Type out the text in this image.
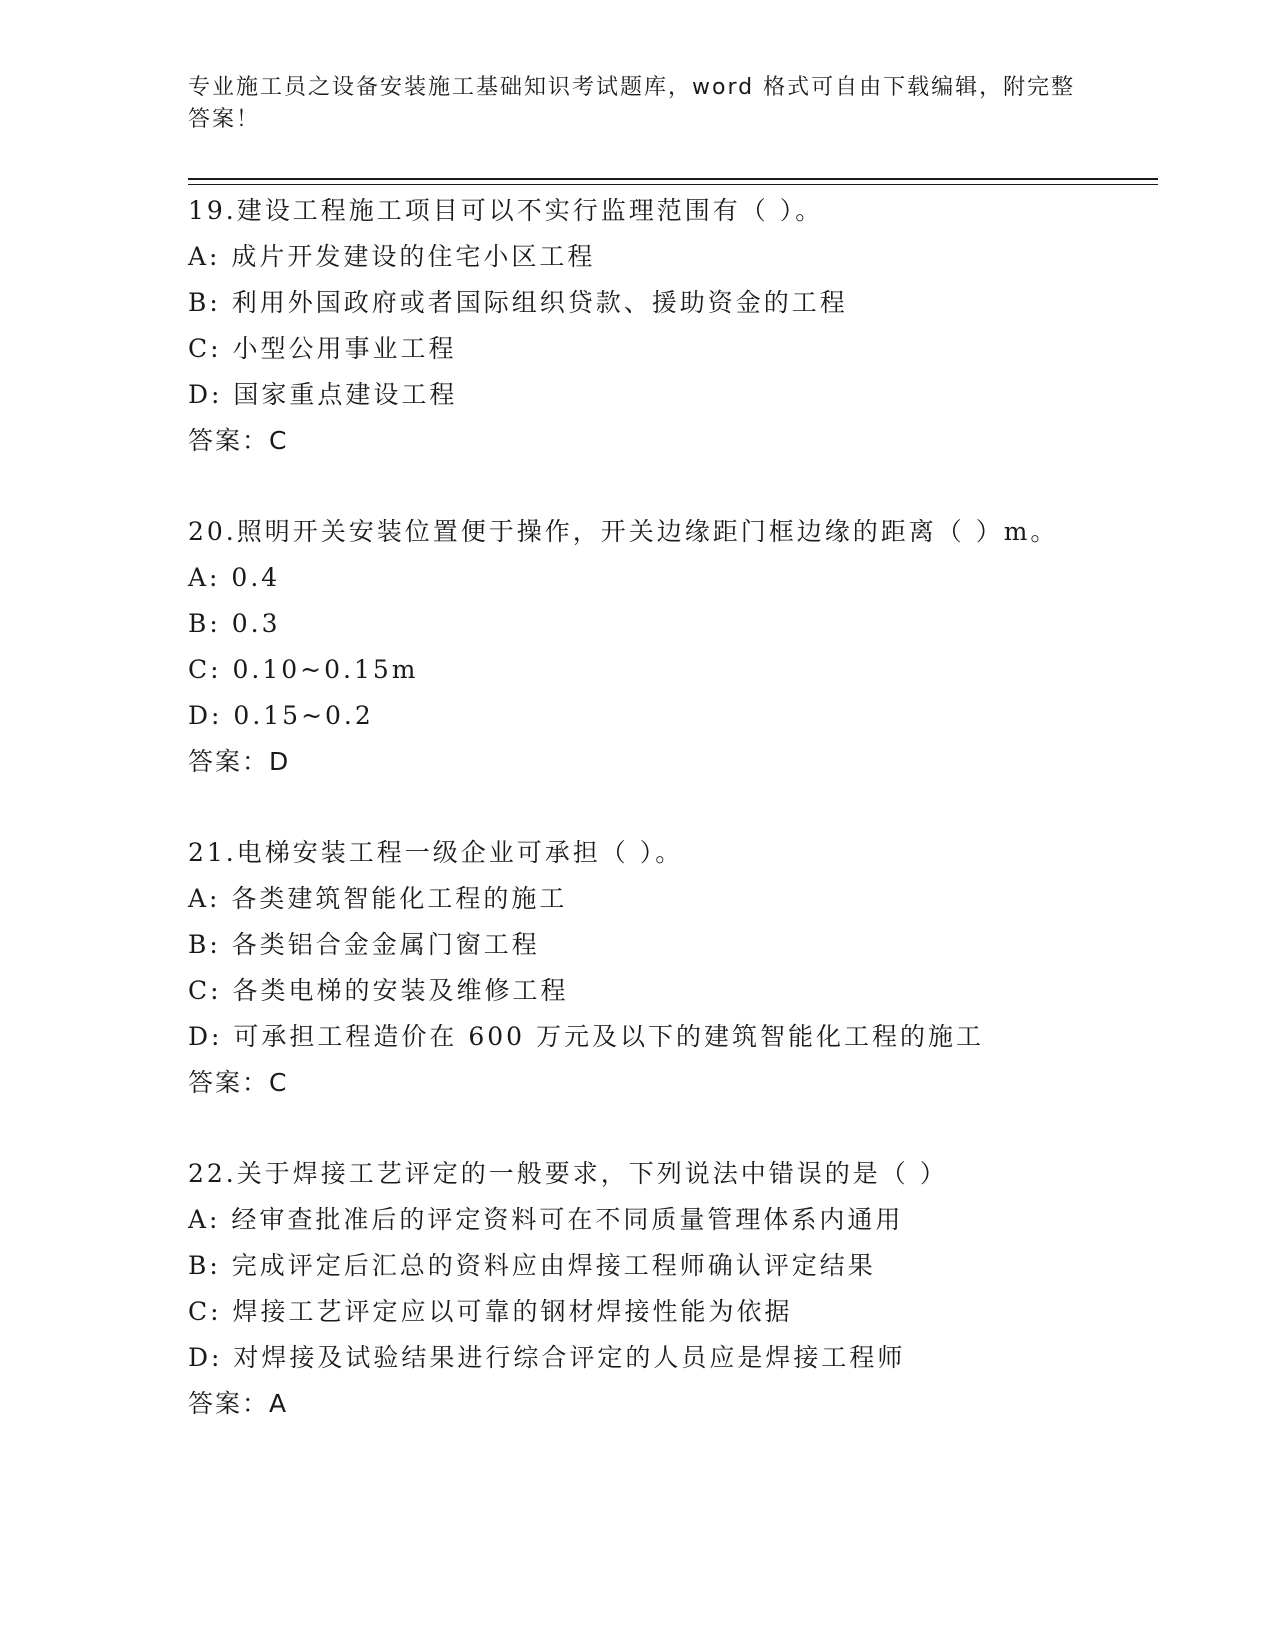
专业施工员之设备安装施工基础知识考试题库，word 格式可自由下载编辑，附完整答案！
19.建设工程施工项目可以不实行监理范围有（ ）。
A: 成片开发建设的住宅小区工程
B: 利用外国政府或者国际组织贷款、援助资金的工程
C: 小型公用事业工程
D: 国家重点建设工程
答案：C
20.照明开关安装位置便于操作，开关边缘距门框边缘的距离（ ）m。
A: 0.4
B: 0.3
C: 0.10~0.15m
D: 0.15~0.2
答案：D
21.电梯安装工程一级企业可承担（ ）。
A: 各类建筑智能化工程的施工
B: 各类铝合金金属门窗工程
C: 各类电梯的安装及维修工程
D: 可承担工程造价在 600 万元及以下的建筑智能化工程的施工
答案：C
22.关于焊接工艺评定的一般要求，下列说法中错误的是（ ）
A: 经审查批准后的评定资料可在不同质量管理体系内通用
B: 完成评定后汇总的资料应由焊接工程师确认评定结果
C: 焊接工艺评定应以可靠的钢材焊接性能为依据
D: 对焊接及试验结果进行综合评定的人员应是焊接工程师
答案：A
